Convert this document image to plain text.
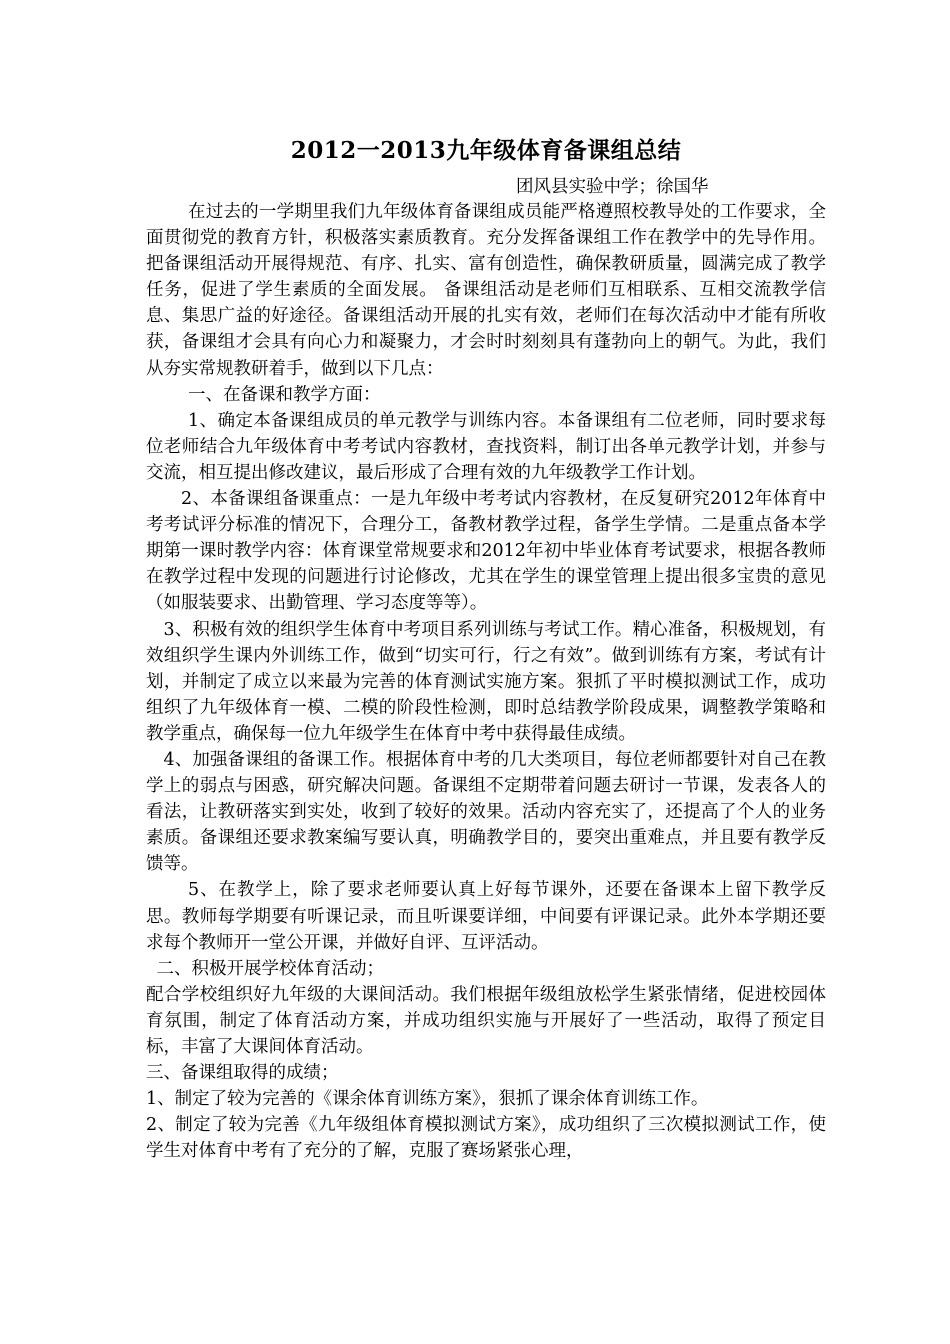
2012一2013九年级体育备课组总结
团风县实验中学；徐国华

在过去的一学期里我们九年级体育备课组成员能严格遵照校教导处的工作要求，全面贯彻党的教育方针，积极落实素质教育。充分发挥备课组工作在教学中的先导作用。把备课组活动开展得规范、有序、扎实、富有创造性，确保教研质量，圆满完成了教学任务，促进了学生素质的全面发展。 备课组活动是老师们互相联系、互相交流教学信息、集思广益的好途径。备课组活动开展的扎实有效，老师们在每次活动中才能有所收获，备课组才会具有向心力和凝聚力，才会时时刻刻具有蓬勃向上的朝气。为此，我们从夯实常规教研着手，做到以下几点：

一、在备课和教学方面：

1、确定本备课组成员的单元教学与训练内容。本备课组有二位老师，同时要求每位老师结合九年级体育中考考试内容教材，查找资料，制订出各单元教学计划，并参与交流，相互提出修改建议，最后形成了合理有效的九年级教学工作计划。

2、本备课组备课重点：一是九年级中考考试内容教材，在反复研究2012年体育中考考试评分标准的情况下，合理分工，备教材教学过程，备学生学情。二是重点备本学期第一课时教学内容：体育课堂常规要求和2012年初中毕业体育考试要求，根据各教师在教学过程中发现的问题进行讨论修改，尤其在学生的课堂管理上提出很多宝贵的意见（如服装要求、出勤管理、学习态度等等）。

3、积极有效的组织学生体育中考项目系列训练与考试工作。精心准备，积极规划，有效组织学生课内外训练工作，做到“切实可行，行之有效”。做到训练有方案，考试有计划，并制定了成立以来最为完善的体育测试实施方案。狠抓了平时模拟测试工作，成功组织了九年级体育一模、二模的阶段性检测，即时总结教学阶段成果，调整教学策略和教学重点，确保每一位九年级学生在体育中考中获得最佳成绩。

4、加强备课组的备课工作。根据体育中考的几大类项目，每位老师都要针对自己在教学上的弱点与困惑，研究解决问题。备课组不定期带着问题去研讨一节课，发表各人的看法，让教研落实到实处，收到了较好的效果。活动内容充实了，还提高了个人的业务素质。备课组还要求教案编写要认真，明确教学目的，要突出重难点，并且要有教学反馈等。

5、在教学上，除了要求老师要认真上好每节课外，还要在备课本上留下教学反思。教师每学期要有听课记录，而且听课要详细，中间要有评课记录。此外本学期还要求每个教师开一堂公开课，并做好自评、互评活动。

二、积极开展学校体育活动；

配合学校组织好九年级的大课间活动。我们根据年级组放松学生紧张情绪，促进校园体育氛围，制定了体育活动方案，并成功组织实施与开展好了一些活动，取得了预定目标，丰富了大课间体育活动。

三、备课组取得的成绩；

1、制定了较为完善的《课余体育训练方案》，狠抓了课余体育训练工作。

2、制定了较为完善《九年级组体育模拟测试方案》，成功组织了三次模拟测试工作，使学生对体育中考有了充分的了解，克服了赛场紧张心理，
